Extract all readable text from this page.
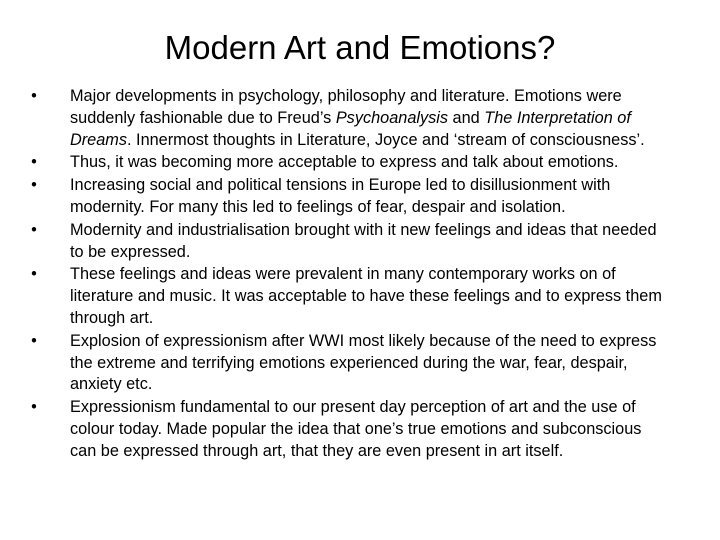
Modern Art and Emotions?
• Major developments in psychology, philosophy and literature. Emotions were suddenly fashionable due to Freud’s Psychoanalysis and The Interpretation of Dreams. Innermost thoughts in Literature, Joyce and ‘stream of consciousness’.
• Thus, it was becoming more acceptable to express and talk about emotions.
• Increasing social and political tensions in Europe led to disillusionment with modernity. For many this led to feelings of fear, despair and isolation.
• Modernity and industrialisation brought with it new feelings and ideas that needed to be expressed.
• These feelings and ideas were prevalent in many contemporary works on of literature and music. It was acceptable to have these feelings and to express them through art.
• Explosion of expressionism after WWI most likely because of the need to express the extreme and terrifying emotions experienced during the war, fear, despair, anxiety etc.
• Expressionism fundamental to our present day perception of art and the use of colour today. Made popular the idea that one’s true emotions and subconscious can be expressed through art, that they are even present in art itself.
